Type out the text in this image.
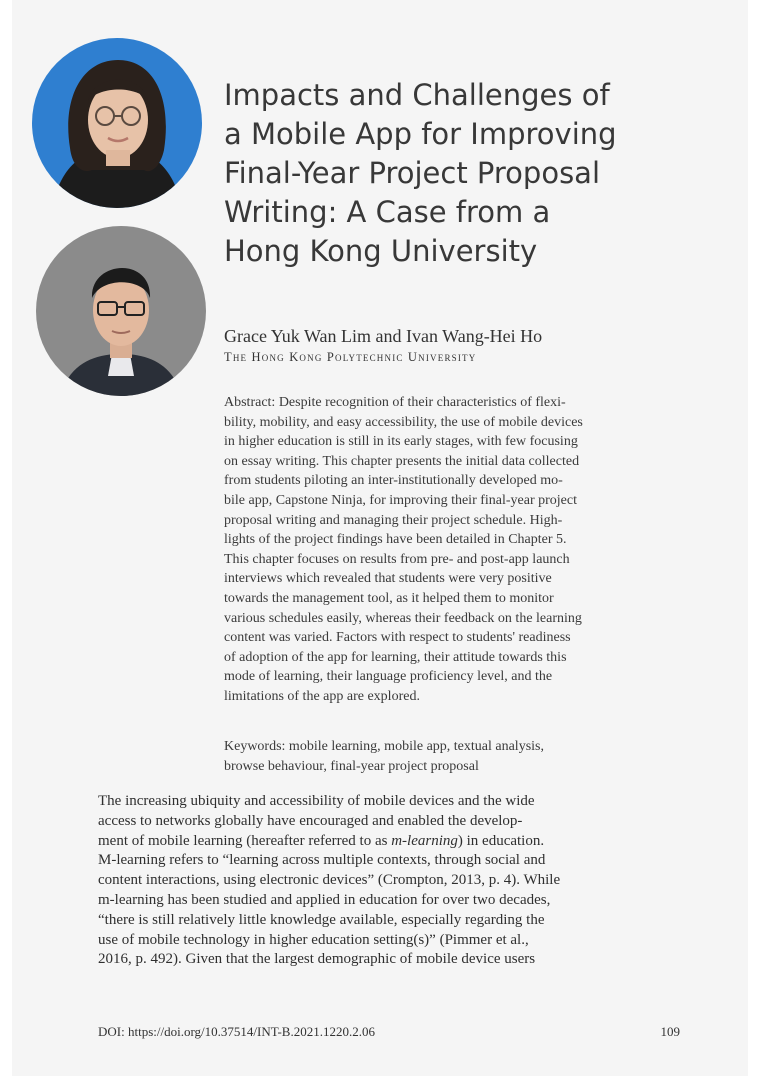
Impacts and Challenges of
a Mobile App for Improving
Final-Year Project Proposal
Writing: A Case from a
Hong Kong University
Grace Yuk Wan Lim and Ivan Wang-Hei Ho
The Hong Kong Polytechnic University
Abstract: Despite recognition of their characteristics of flexi-
bility, mobility, and easy accessibility, the use of mobile devices
in higher education is still in its early stages, with few focusing
on essay writing. This chapter presents the initial data collected
from students piloting an inter-institutionally developed mo-
bile app, Capstone Ninja, for improving their final-year project
proposal writing and managing their project schedule. High-
lights of the project findings have been detailed in Chapter 5.
This chapter focuses on results from pre- and post-app launch
interviews which revealed that students were very positive
towards the management tool, as it helped them to monitor
various schedules easily, whereas their feedback on the learning
content was varied. Factors with respect to students' readiness
of adoption of the app for learning, their attitude towards this
mode of learning, their language proficiency level, and the
limitations of the app are explored.
Keywords: mobile learning, mobile app, textual analysis,
browse behaviour, final-year project proposal
The increasing ubiquity and accessibility of mobile devices and the wide
access to networks globally have encouraged and enabled the develop-
ment of mobile learning (hereafter referred to as m-learning) in education.
M-learning refers to “learning across multiple contexts, through social and
content interactions, using electronic devices” (Crompton, 2013, p. 4). While
m-learning has been studied and applied in education for over two decades,
“there is still relatively little knowledge available, especially regarding the
use of mobile technology in higher education setting(s)” (Pimmer et al.,
2016, p. 492). Given that the largest demographic of mobile device users
DOI: https://doi.org/10.37514/INT-B.2021.1220.2.06	109
